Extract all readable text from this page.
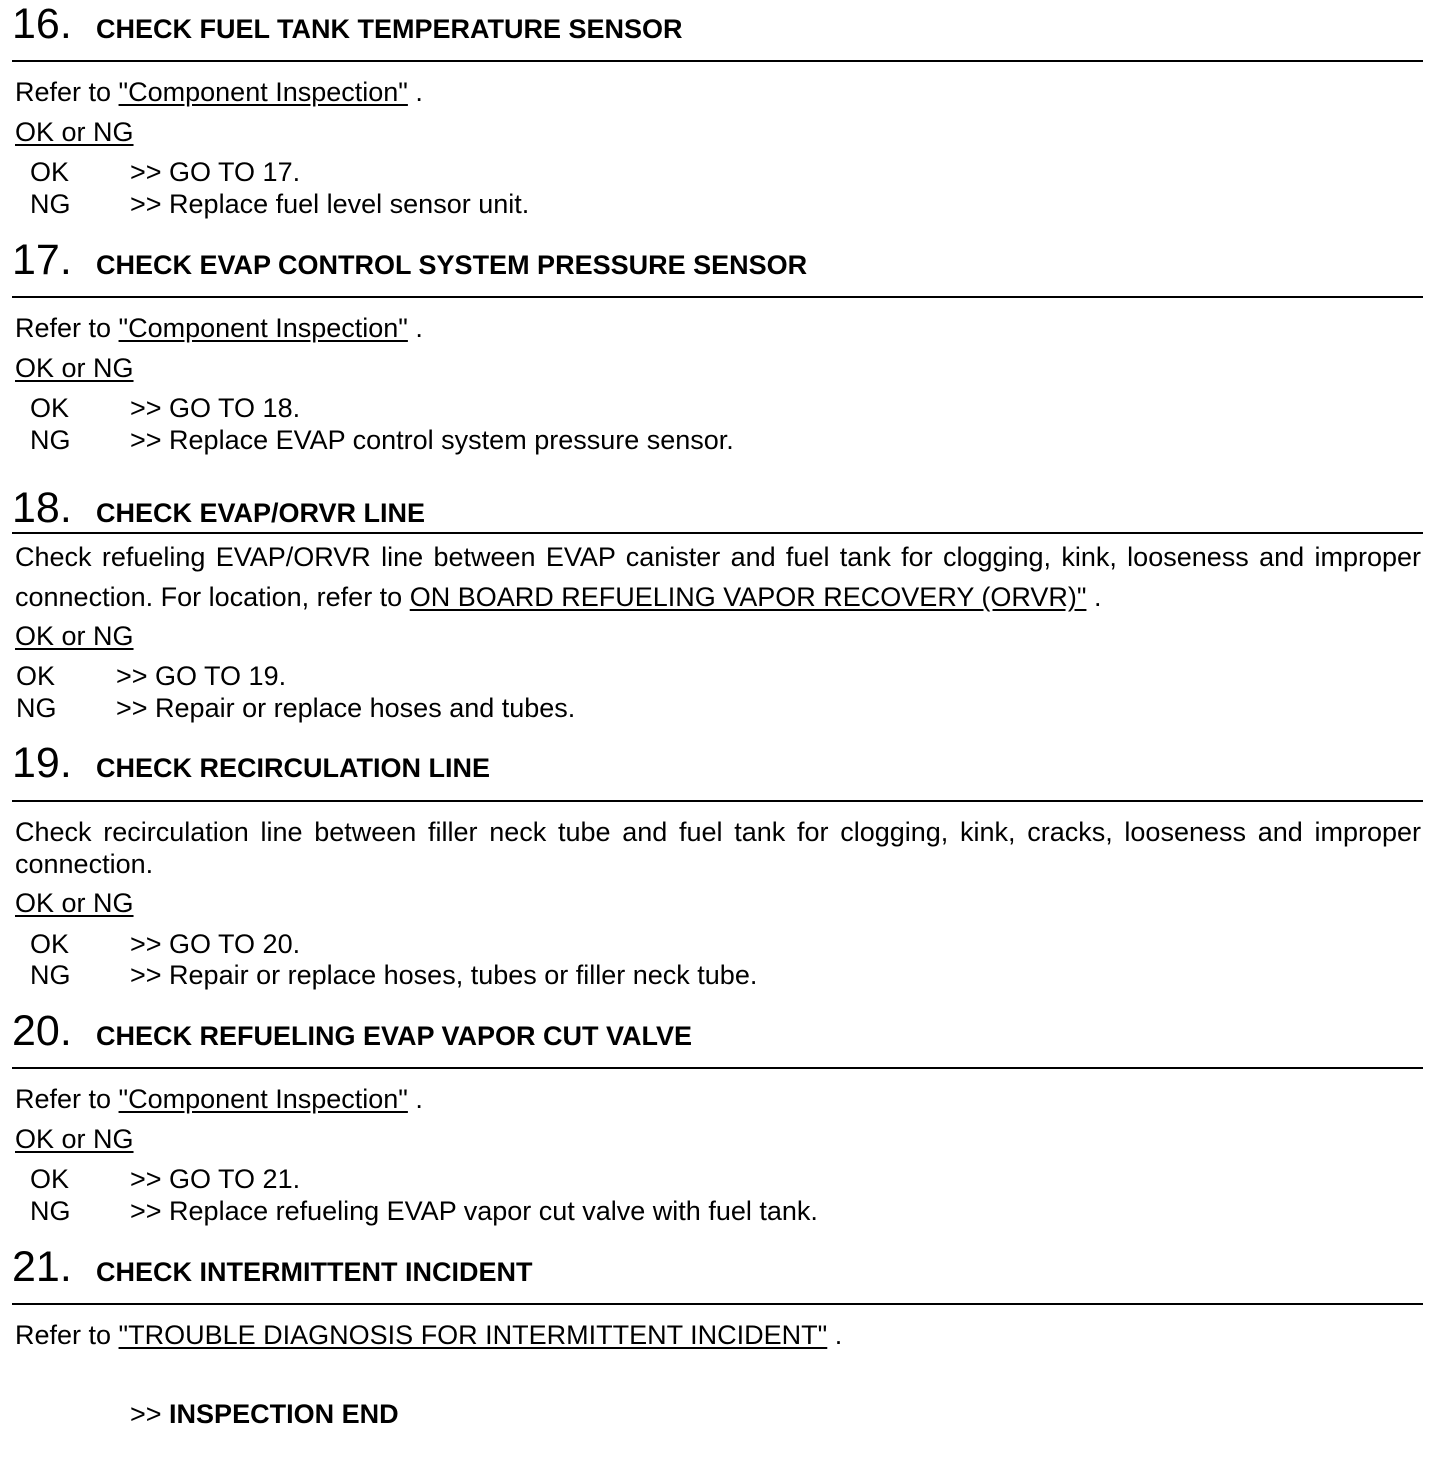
16. CHECK FUEL TANK TEMPERATURE SENSOR
Refer to "Component Inspection" .
OK or NG
OK >> GO TO 17.
NG >> Replace fuel level sensor unit.
17. CHECK EVAP CONTROL SYSTEM PRESSURE SENSOR
Refer to "Component Inspection" .
OK or NG
OK >> GO TO 18.
NG >> Replace EVAP control system pressure sensor.
18. CHECK EVAP/ORVR LINE
Check refueling EVAP/ORVR line between EVAP canister and fuel tank for clogging, kink, looseness and improper connection. For location, refer to ON BOARD REFUELING VAPOR RECOVERY (ORVR)" .
OK or NG
OK >> GO TO 19.
NG >> Repair or replace hoses and tubes.
19. CHECK RECIRCULATION LINE
Check recirculation line between filler neck tube and fuel tank for clogging, kink, cracks, looseness and improper connection.
OK or NG
OK >> GO TO 20.
NG >> Repair or replace hoses, tubes or filler neck tube.
20. CHECK REFUELING EVAP VAPOR CUT VALVE
Refer to "Component Inspection" .
OK or NG
OK >> GO TO 21.
NG >> Replace refueling EVAP vapor cut valve with fuel tank.
21. CHECK INTERMITTENT INCIDENT
Refer to "TROUBLE DIAGNOSIS FOR INTERMITTENT INCIDENT" .
>> INSPECTION END
